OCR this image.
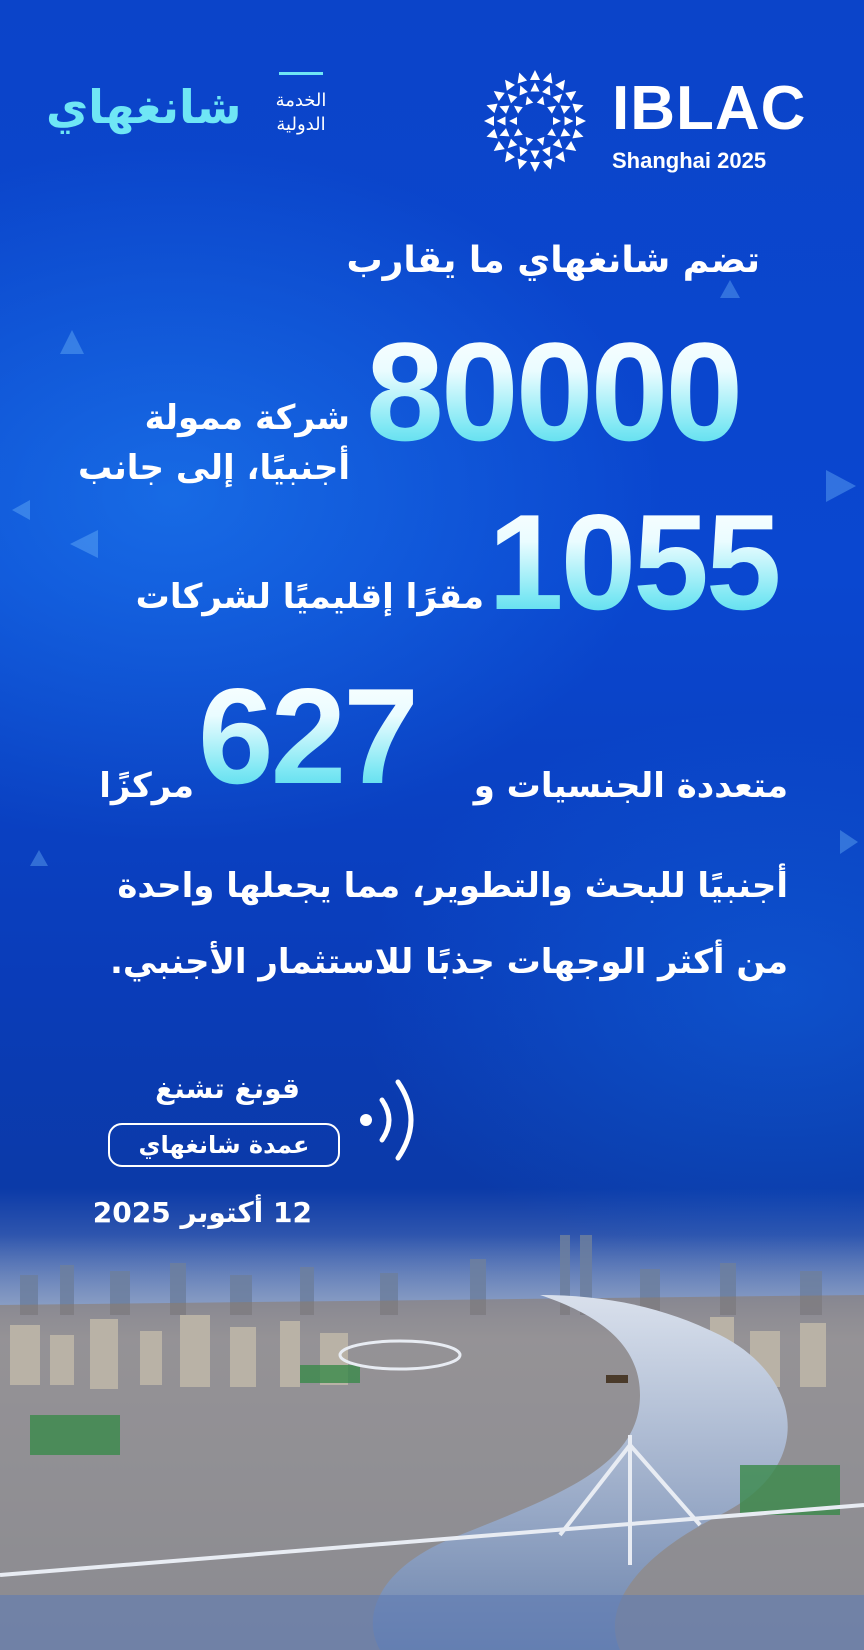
شانغهاي	الخدمة
الدولية	IBLAC
Shanghai 2025
تضم شانغهاي ما يقارب
80000
شركة ممولة
أجنبيًا، إلى جانب
1055
مقرًا إقليميًا لشركات
627 متعددة الجنسيات و
مركزًا
أجنبيًا للبحث والتطوير، مما يجعلها واحدة
من أكثر الوجهات جذبًا للاستثمار الأجنبي.
قونغ تشنغ
عمدة شانغهاي
12 أكتوبر 2025
